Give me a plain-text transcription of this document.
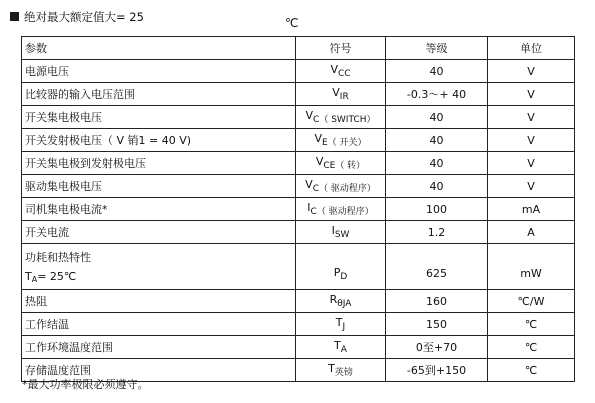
绝对最大额定值大= 25	℃
参数	符号	等级	单位
电源电压	$V_{CC}$	40	V
比较器的输入电压范围	$V_{IR}$	-0.3〜+ 40	V
开关集电极电压	$V_{C( SWITCH)}$	40	V
开关发射极电压（ V 销1 = 40 V)	$V_{E( 开关)}$	40	V
开关集电极到发射极电压	$V_{CE( 转)}$	40	V
驱动集电极电压	$V_{C( 驱动程序)}$	40	V
司机集电极电流*	$I_{C( 驱动程序)}$	100	mA
开关电流	$I_{SW}$	1.2	A
功耗和热特性
TA= 25℃	$P_D$	625	mW

热阻	$R_{\theta JA}$	160	℃/W
工作结温	$T_J$	150	℃
工作环境温度范围	$T_A$	0至+70	℃
存储温度范围	$T_{英镑}$	-65到+150	℃
*最大功率极限必须遵守。
